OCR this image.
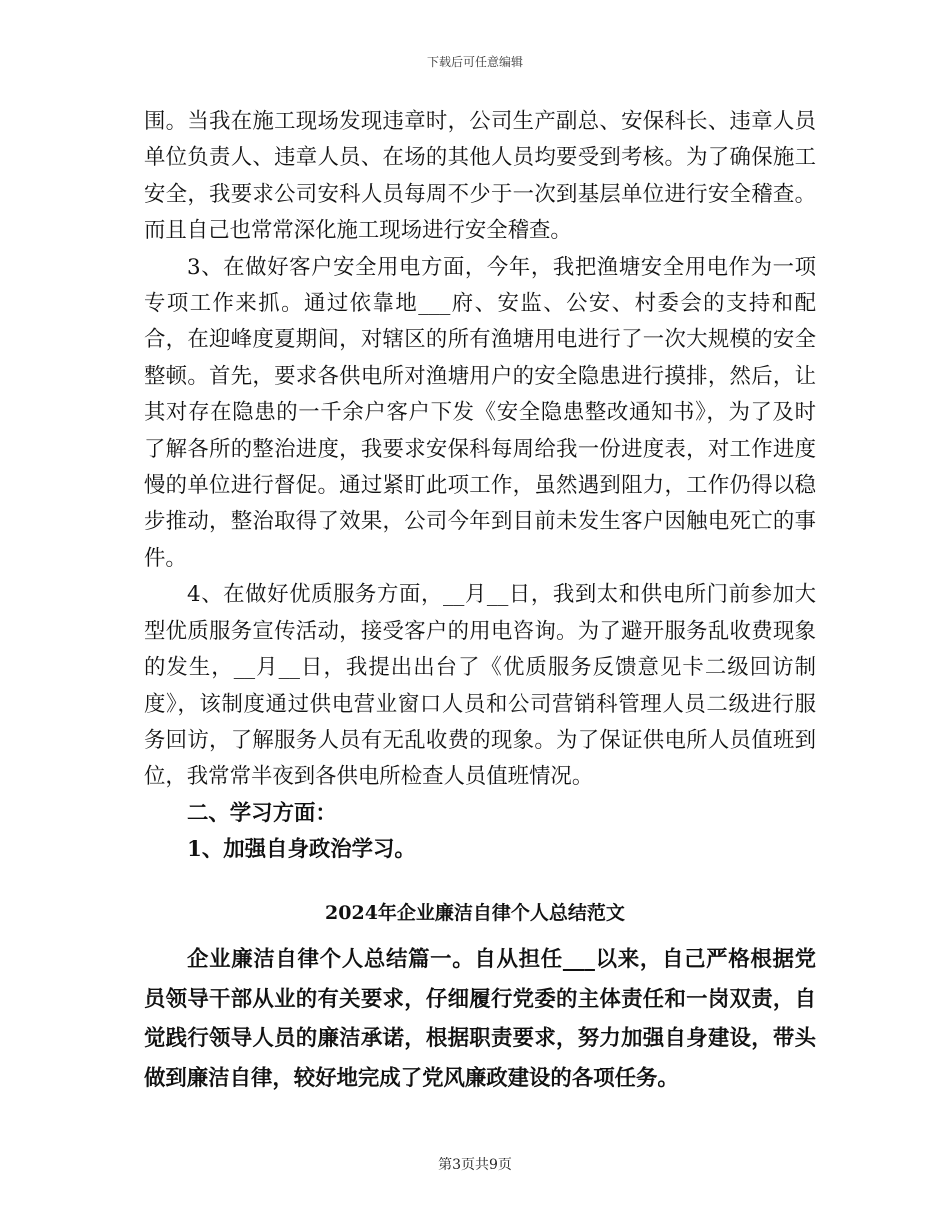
下载后可任意编辑

围。当我在施工现场发现违章时，公司生产副总、安保科长、违章人员单位负责人、违章人员、在场的其他人员均要受到考核。为了确保施工安全，我要求公司安科人员每周不少于一次到基层单位进行安全稽查。而且自己也常常深化施工现场进行安全稽查。

3、在做好客户安全用电方面，今年，我把渔塘安全用电作为一项专项工作来抓。通过依靠地___府、安监、公安、村委会的支持和配合，在迎峰度夏期间，对辖区的所有渔塘用电进行了一次大规模的安全整顿。首先，要求各供电所对渔塘用户的安全隐患进行摸排，然后，让其对存在隐患的一千余户客户下发《安全隐患整改通知书》，为了及时了解各所的整治进度，我要求安保科每周给我一份进度表，对工作进度慢的单位进行督促。通过紧盯此项工作，虽然遇到阻力，工作仍得以稳步推动，整治取得了效果，公司今年到目前未发生客户因触电死亡的事件。

4、在做好优质服务方面，__月__日，我到太和供电所门前参加大型优质服务宣传活动，接受客户的用电咨询。为了避开服务乱收费现象的发生，__月__日，我提出出台了《优质服务反馈意见卡二级回访制度》，该制度通过供电营业窗口人员和公司营销科管理人员二级进行服务回访，了解服务人员有无乱收费的现象。为了保证供电所人员值班到位，我常常半夜到各供电所检查人员值班情况。

二、学习方面：

1、加强自身政治学习。

2024年企业廉洁自律个人总结范文

企业廉洁自律个人总结篇一。自从担任___以来，自己严格根据党员领导干部从业的有关要求，仔细履行党委的主体责任和一岗双责，自觉践行领导人员的廉洁承诺，根据职责要求，努力加强自身建设，带头做到廉洁自律，较好地完成了党风廉政建设的各项任务。

第3页共9页
